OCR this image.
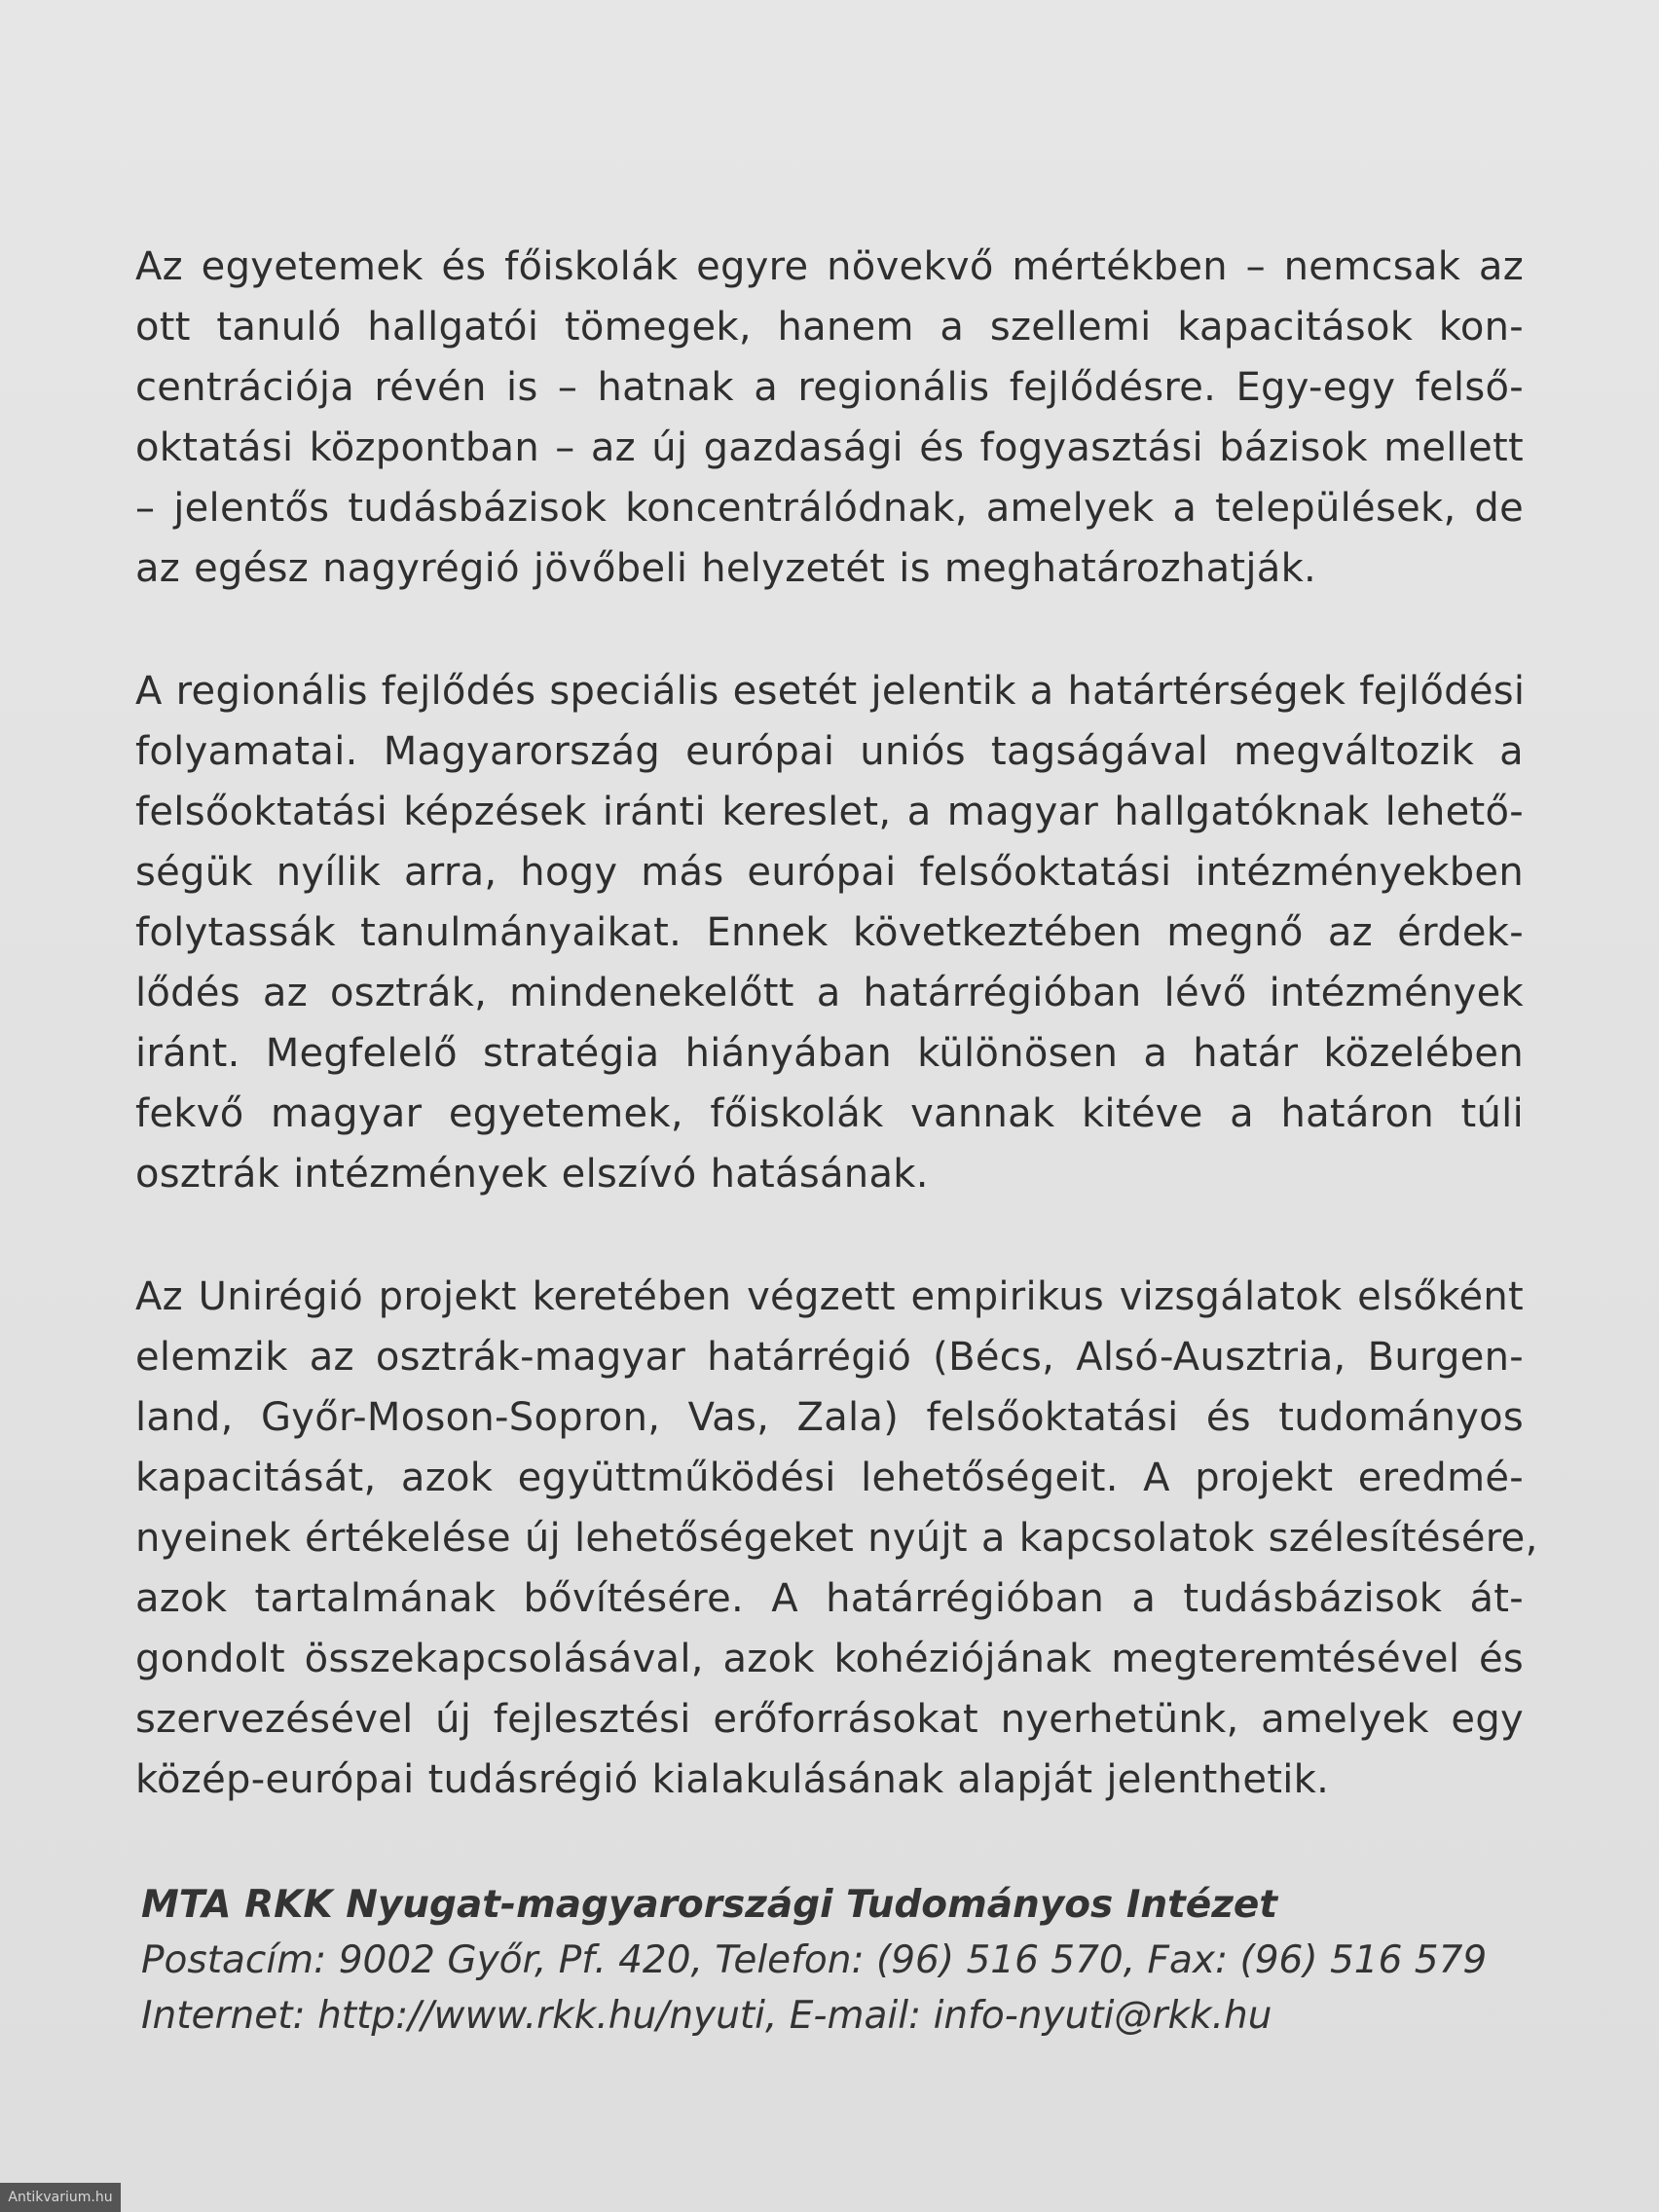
Az egyetemek és főiskolák egyre növekvő mértékben – nemcsak az
ott tanuló hallgatói tömegek, hanem a szellemi kapacitások kon-
centrációja révén is – hatnak a regionális fejlődésre. Egy-egy felső-
oktatási központban – az új gazdasági és fogyasztási bázisok mellett
– jelentős tudásbázisok koncentrálódnak, amelyek a települések, de
az egész nagyrégió jövőbeli helyzetét is meghatározhatják.

A regionális fejlődés speciális esetét jelentik a határtérségek fejlődési
folyamatai. Magyarország európai uniós tagságával megváltozik a
felsőoktatási képzések iránti kereslet, a magyar hallgatóknak lehető-
ségük nyílik arra, hogy más európai felsőoktatási intézményekben
folytassák tanulmányaikat. Ennek következtében megnő az érdek-
lődés az osztrák, mindenekelőtt a határrégióban lévő intézmények
iránt. Megfelelő stratégia hiányában különösen a határ közelében
fekvő magyar egyetemek, főiskolák vannak kitéve a határon túli
osztrák intézmények elszívó hatásának.

Az Unirégió projekt keretében végzett empirikus vizsgálatok elsőként
elemzik az osztrák-magyar határrégió (Bécs, Alsó-Ausztria, Burgen-
land, Győr-Moson-Sopron, Vas, Zala) felsőoktatási és tudományos
kapacitását, azok együttműködési lehetőségeit. A projekt eredmé-
nyeinek értékelése új lehetőségeket nyújt a kapcsolatok szélesítésére,
azok tartalmának bővítésére. A határrégióban a tudásbázisok át-
gondolt összekapcsolásával, azok kohéziójának megteremtésével és
szervezésével új fejlesztési erőforrásokat nyerhetünk, amelyek egy
közép-európai tudásrégió kialakulásának alapját jelenthetik.

MTA RKK Nyugat-magyarországi Tudományos Intézet
Postacím: 9002 Győr, Pf. 420, Telefon: (96) 516 570, Fax: (96) 516 579
Internet: http://www.rkk.hu/nyuti, E-mail: info-nyuti@rkk.hu
Antikvarium.hu
